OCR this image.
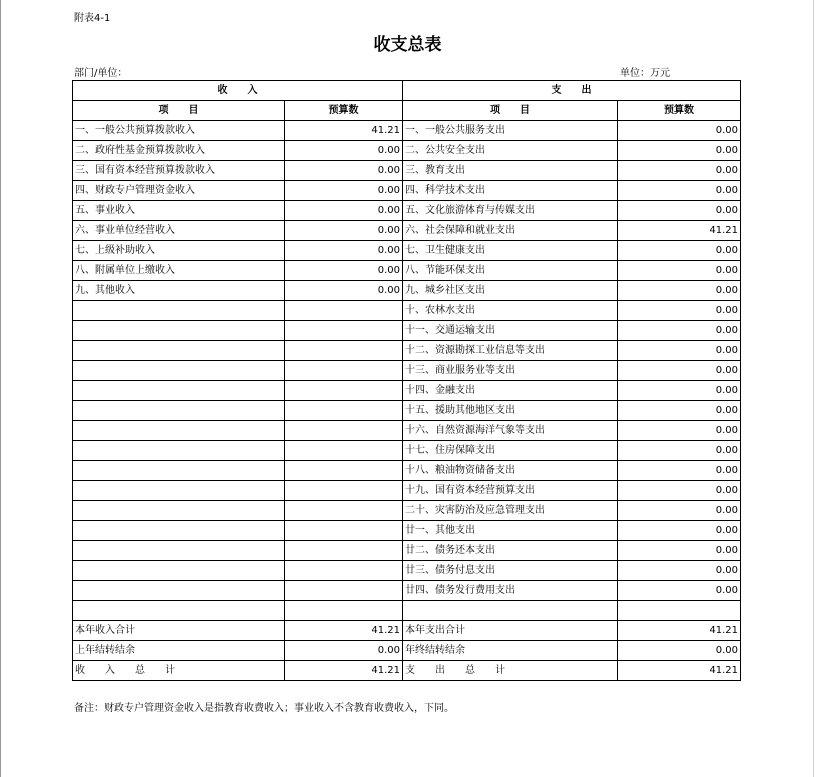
附表4-1
收支总表
部门/单位：	单位：万元
收　　入		支　　出	
项　　目	预算数	项　　目	预算数
一、一般公共预算拨款收入	41.21	一、一般公共服务支出	0.00
二、政府性基金预算拨款收入	0.00	二、公共安全支出	0.00
三、国有资本经营预算拨款收入	0.00	三、教育支出	0.00
四、财政专户管理资金收入	0.00	四、科学技术支出	0.00
五、事业收入	0.00	五、文化旅游体育与传媒支出	0.00
六、事业单位经营收入	0.00	六、社会保障和就业支出	41.21
七、上级补助收入	0.00	七、卫生健康支出	0.00
八、附属单位上缴收入	0.00	八、节能环保支出	0.00
九、其他收入	0.00	九、城乡社区支出	0.00
		十、农林水支出	0.00
		十一、交通运输支出	0.00
		十二、资源勘探工业信息等支出	0.00
		十三、商业服务业等支出	0.00
		十四、金融支出	0.00
		十五、援助其他地区支出	0.00
		十六、自然资源海洋气象等支出	0.00
		十七、住房保障支出	0.00
		十八、粮油物资储备支出	0.00
		十九、国有资本经营预算支出	0.00
		二十、灾害防治及应急管理支出	0.00
		廿一、其他支出	0.00
		廿二、债务还本支出	0.00
		廿三、债务付息支出	0.00
		廿四、债务发行费用支出	0.00

本年收入合计	41.21	本年支出合计	41.21
上年结转结余	0.00	年终结转结余	0.00
收　　入　　总　　计	41.21	支　　出　　总　　计	41.21
备注：财政专户管理资金收入是指教育收费收入；事业收入不含教育收费收入，下同。
